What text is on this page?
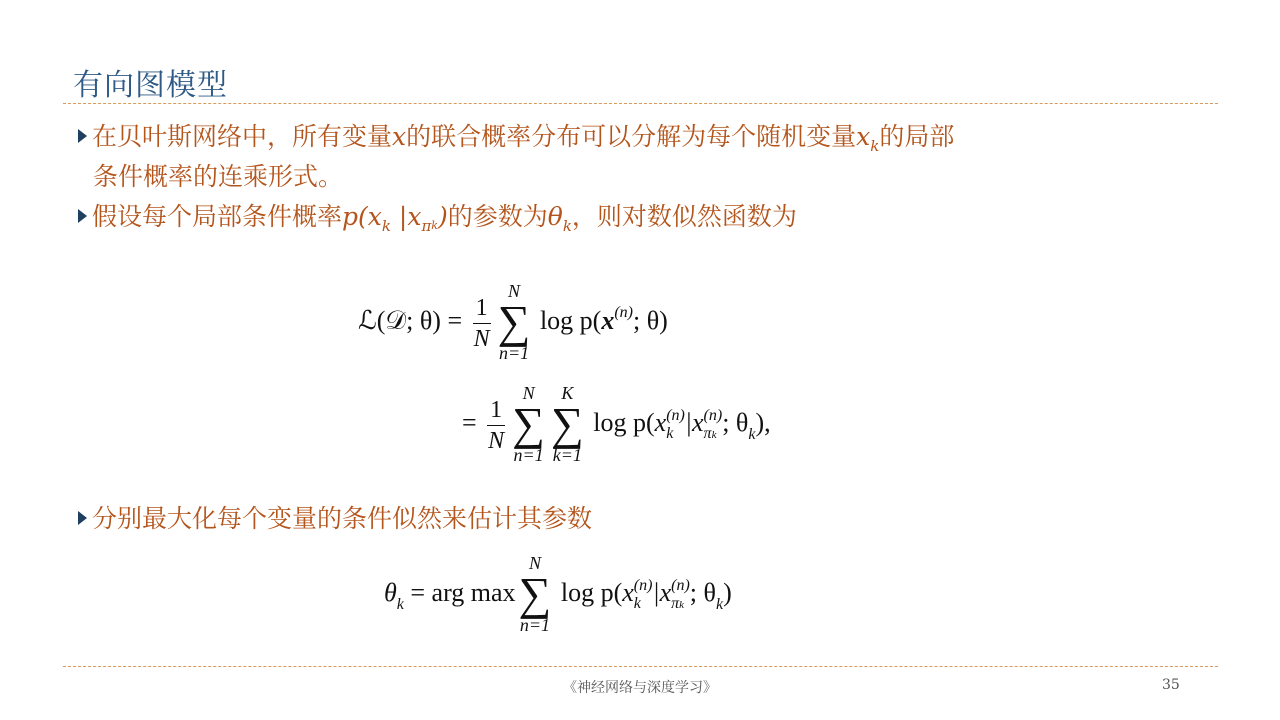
有向图模型
在贝叶斯网络中，所有变量x的联合概率分布可以分解为每个随机变量$x_k$的局部
条件概率的连乘形式。
假设每个局部条件概率$p(x_k$ $|x_\pi k$)的参数为$\theta_k$，则对数似然函数为
ℒ(𝒟; $\theta) = \frac{1}{N}$
N
∑
n=1
$\log p(x^{(n)}$; θ)
= $\frac{1}{N}$
N
∑
n=1
K
∑
k=1
log p(x (n)
k |x (n)
πk ; $\theta_k$),
分别最大化每个变量的条件似然来估计其参数
$\theta_k$ = arg max
N
∑
n=1
log p(x (n)
k |x (n)
πk ; $\theta_k$)
《神经网络与深度学习》	35
